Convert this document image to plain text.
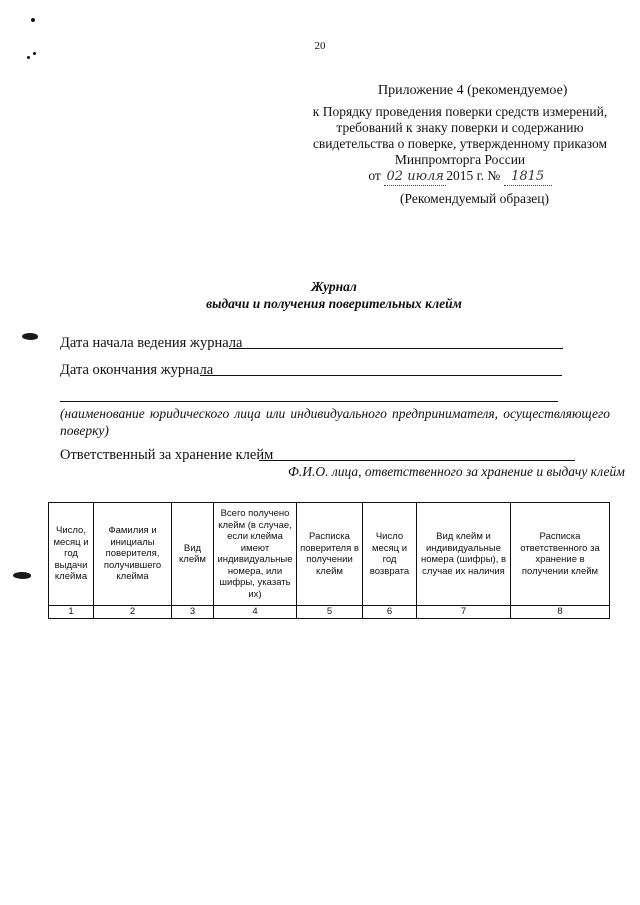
20
Приложение 4 (рекомендуемое)
к Порядку проведения поверки средств измерений,
требований к знаку поверки и содержанию
свидетельства о поверке, утвержденному приказом
Минпромторга России
от 02 июля 2015 г. № 1815
(Рекомендуемый образец)
Журнал
выдачи и получения поверительных клейм
Дата начала ведения журнала
Дата окончания журнала
(наименование юридического лица или индивидуального предпринимателя, осуществляющего поверку)
Ответственный за хранение клейм
Ф.И.О. лица, ответственного за хранение и выдачу клейм
Число, месяц и год выдачи клейма	Фамилия и инициалы поверителя, получившего клейма	Вид клейм	Всего получено клейм (в случае, если клейма имеют индивидуальные номера, или шифры, указать их)	Расписка поверителя в получении клейм	Число месяц и год возврата	Вид клейм и индивидуальные номера (шифры), в случае их наличия	Расписка ответственного за хранение в получении клейм
1	2	3	4	5	6	7	8
